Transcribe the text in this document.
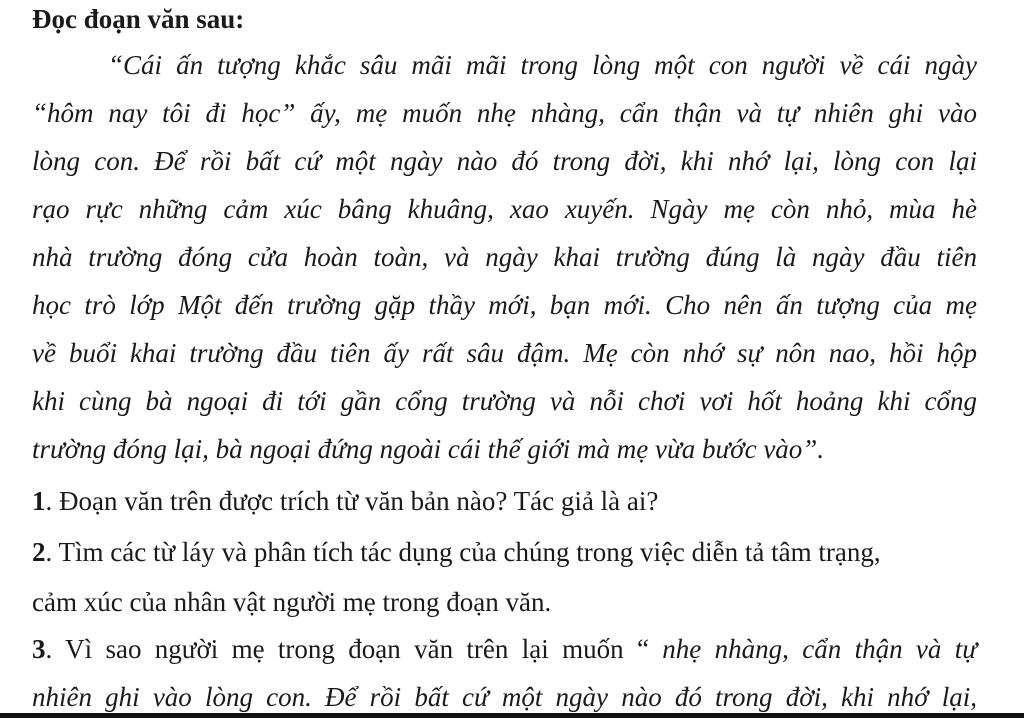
Đọc đoạn văn sau:
“Cái ấn tượng khắc sâu mãi mãi trong lòng một con người về cái ngày
“hôm nay tôi đi học” ấy, mẹ muốn nhẹ nhàng, cẩn thận và tự nhiên ghi vào
lòng con. Để rồi bất cứ một ngày nào đó trong đời, khi nhớ lại, lòng con lại
rạo rực những cảm xúc bâng khuâng, xao xuyến. Ngày mẹ còn nhỏ, mùa hè
nhà trường đóng cửa hoàn toàn, và ngày khai trường đúng là ngày đầu tiên
học trò lớp Một đến trường gặp thầy mới, bạn mới. Cho nên ấn tượng của mẹ
về buổi khai trường đầu tiên ấy rất sâu đậm. Mẹ còn nhớ sự nôn nao, hồi hộp
khi cùng bà ngoại đi tới gần cổng trường và nỗi chơi vơi hốt hoảng khi cổng
trường đóng lại, bà ngoại đứng ngoài cái thế giới mà mẹ vừa bước vào”.
1. Đoạn văn trên được trích từ văn bản nào? Tác giả là ai?
2. Tìm các từ láy và phân tích tác dụng của chúng trong việc diễn tả tâm trạng,
cảm xúc của nhân vật người mẹ trong đoạn văn.
3. Vì sao người mẹ trong đoạn văn trên lại muốn “ nhẹ nhàng, cẩn thận và tự
nhiên ghi vào lòng con. Để rồi bất cứ một ngày nào đó trong đời, khi nhớ lại,
